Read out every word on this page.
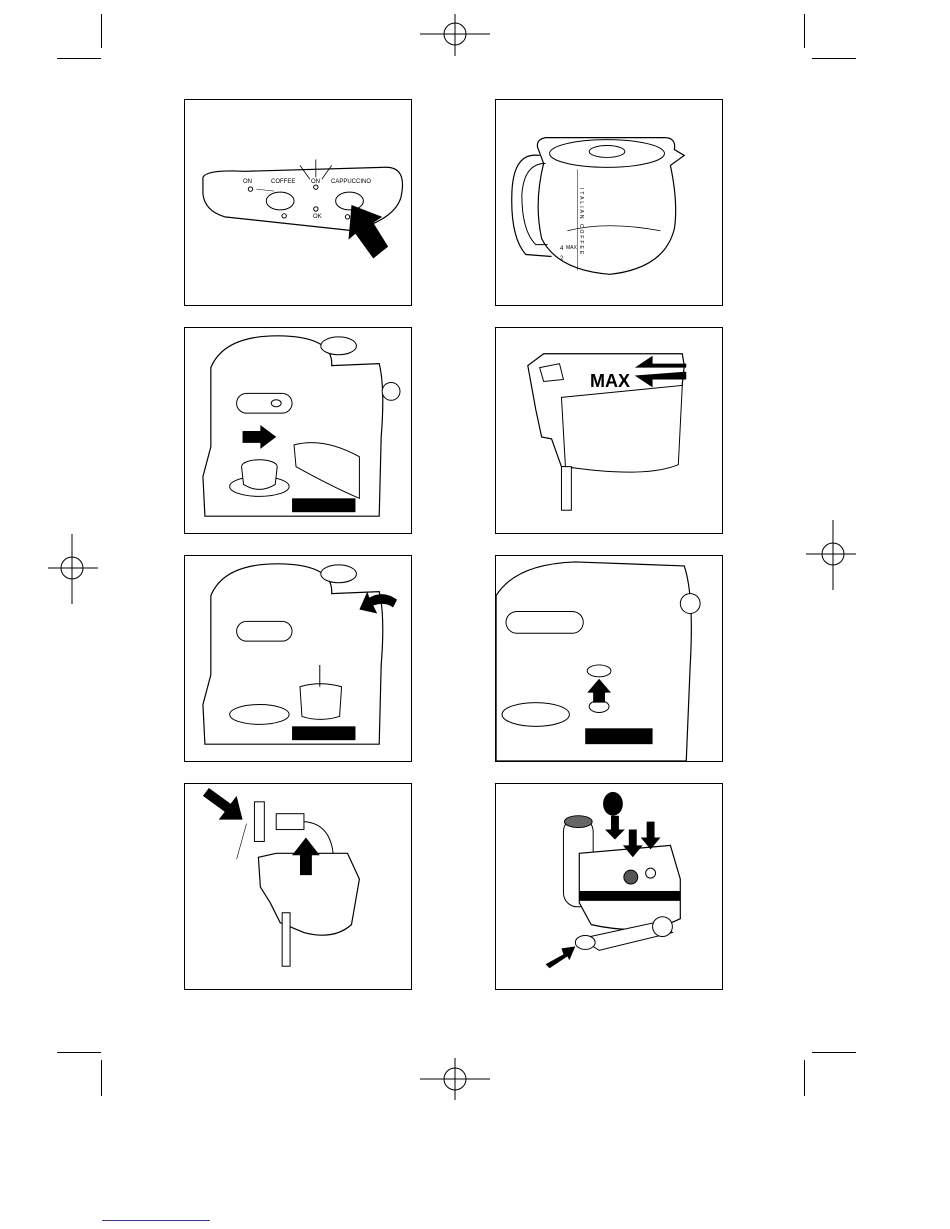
ON	COFFEE	ON CAPPUCCINO
OK	ITALIAN COFFEE
4 MAX
2
MAX
